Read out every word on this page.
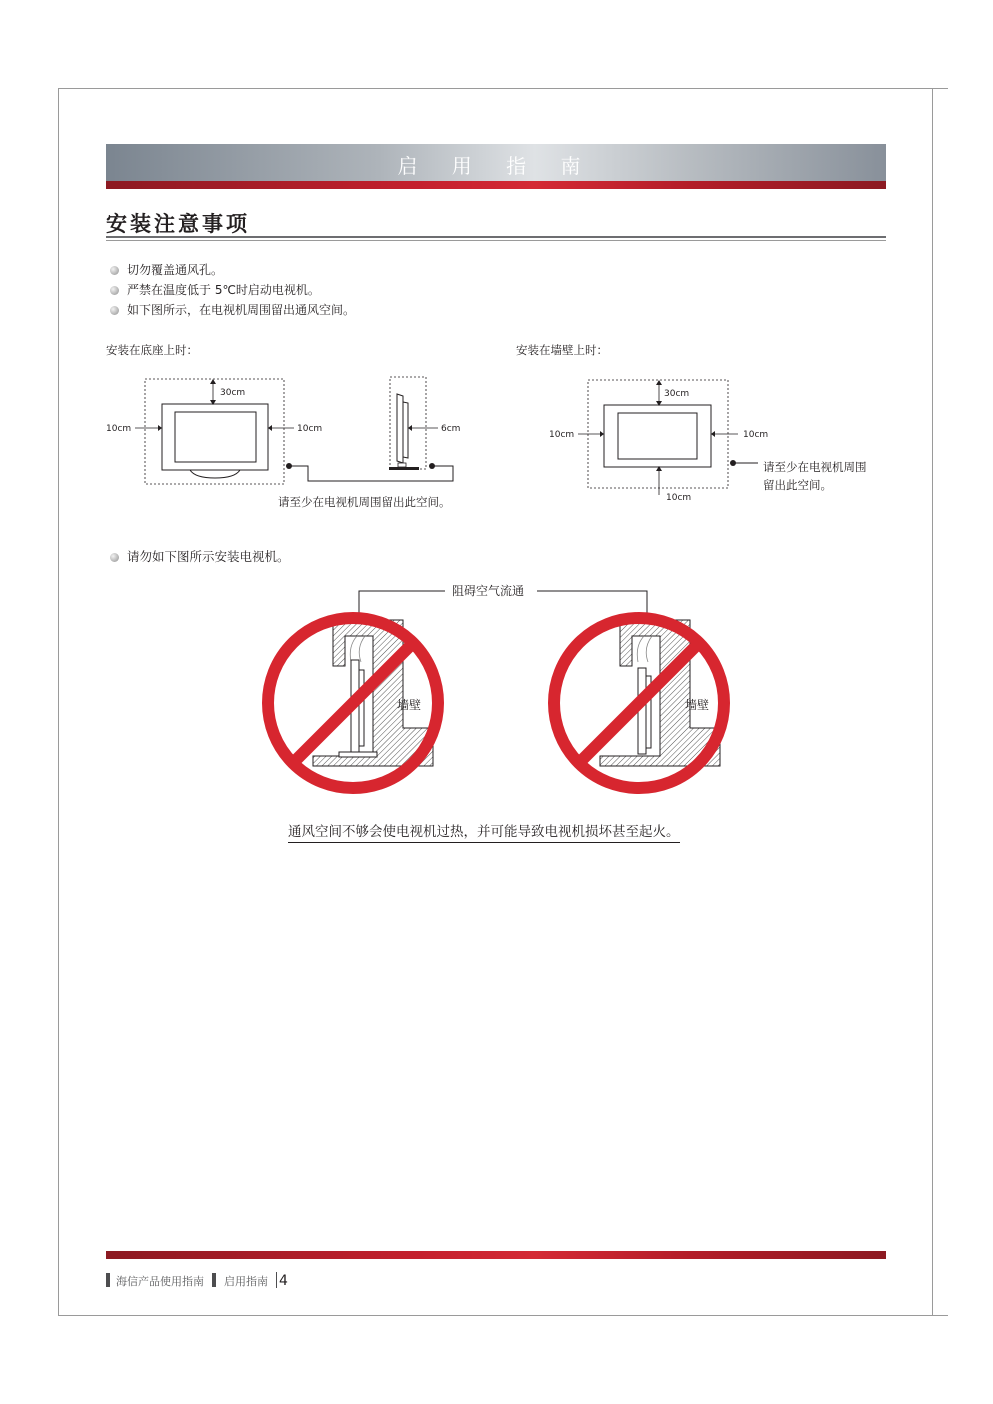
启 用 指 南
安装注意事项
切勿覆盖通风孔。
严禁在温度低于 5℃时启动电视机。
如下图所示，在电视机周围留出通风空间。
安装在底座上时：	安装在墙壁上时：
30cm
10cm	10cm	6cm
请至少在电视机周围留出此空间。
30cm
10cm	10cm
10cm
请至少在电视机周围
留出此空间。
请勿如下图所示安装电视机。
阻碍空气流通
墙壁	墙壁
通风空间不够会使电视机过热，并可能导致电视机损坏甚至起火。
海信产品使用指南 启用指南 4
